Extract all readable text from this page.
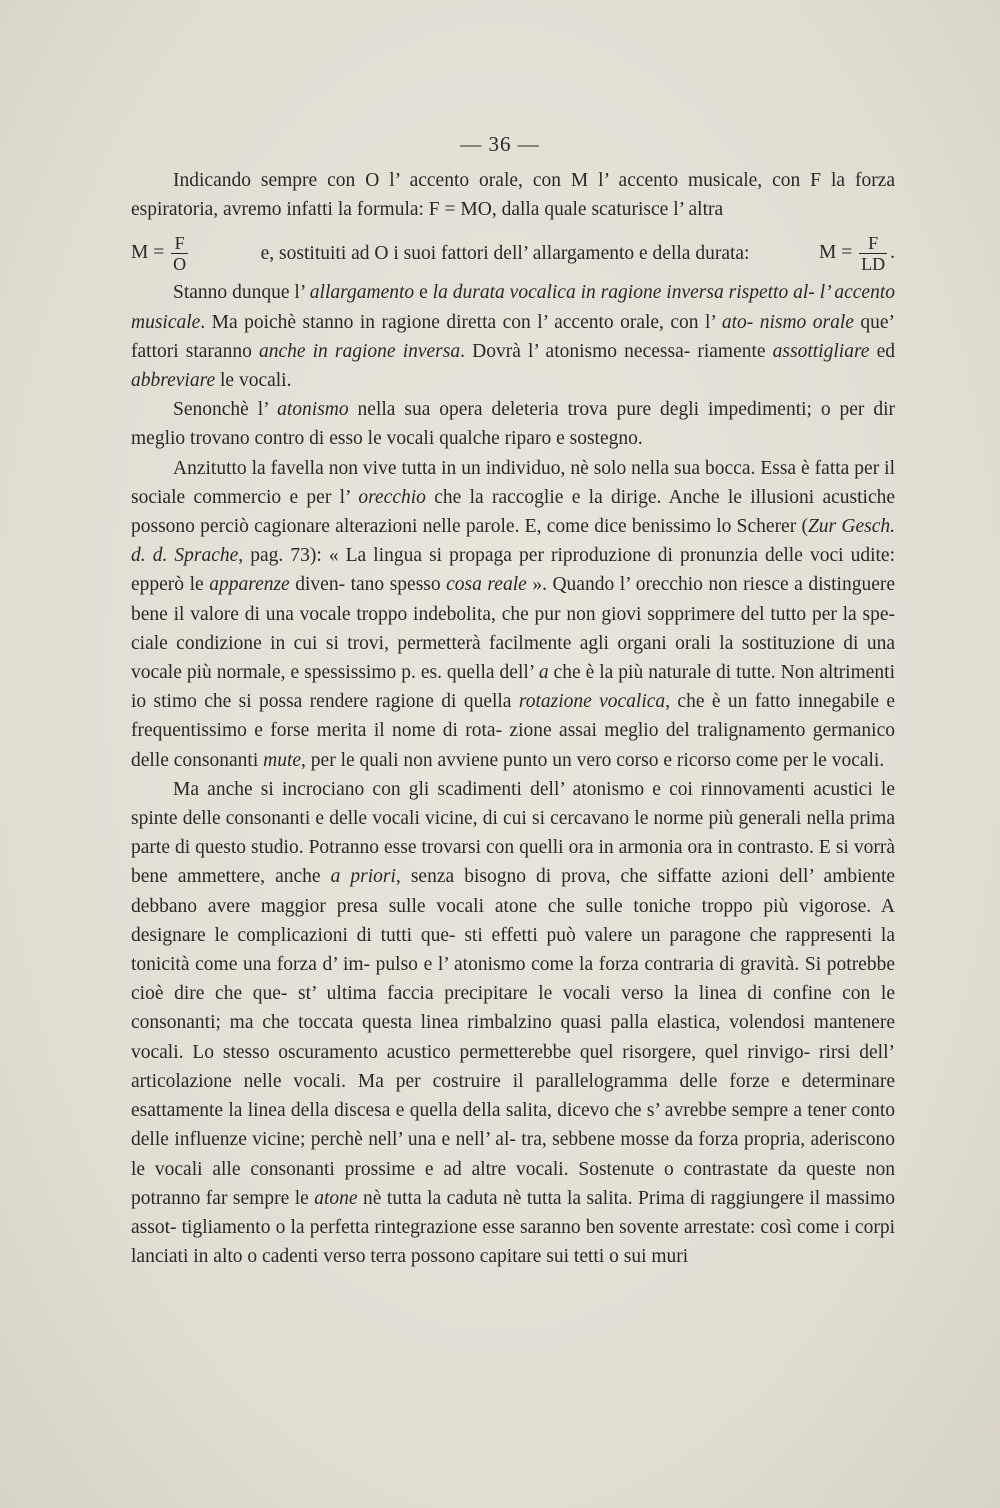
— 36 —

Indicando sempre con O l’ accento orale, con M l’ accento musicale, con F la forza espiratoria, avremo infatti la formula: F = MO, dalla quale scaturisce l’ altra

$M = \frac{F}{O}$	e, sostituiti ad O i suoi fattori dell’ allargamento e della durata:	$M = \frac{F}{LD}$ .

Stanno dunque l’ allargamento e la durata vocalica in ragione inversa rispetto al- l’ accento musicale. Ma poichè stanno in ragione diretta con l’ accento orale, con l’ ato- nismo orale que’ fattori staranno anche in ragione inversa. Dovrà l’ atonismo necessa- riamente assottigliare ed abbreviare le vocali.

Senonchè l’ atonismo nella sua opera deleteria trova pure degli impedimenti; o per dir meglio trovano contro di esso le vocali qualche riparo e sostegno.

Anzitutto la favella non vive tutta in un individuo, nè solo nella sua bocca. Essa è fatta per il sociale commercio e per l’ orecchio che la raccoglie e la dirige. Anche le illusioni acustiche possono perciò cagionare alterazioni nelle parole. E, come dice benissimo lo Scherer (Zur Gesch. d. d. Sprache, pag. 73): « La lingua si propaga per riproduzione di pronunzia delle voci udite: epperò le apparenze diven- tano spesso cosa reale ». Quando l’ orecchio non riesce a distinguere bene il valore di una vocale troppo indebolita, che pur non giovi sopprimere del tutto per la spe- ciale condizione in cui si trovi, permetterà facilmente agli organi orali la sostituzione di una vocale più normale, e spessissimo p. es. quella dell’ a che è la più naturale di tutte. Non altrimenti io stimo che si possa rendere ragione di quella rotazione vocalica, che è un fatto innegabile e frequentissimo e forse merita il nome di rota- zione assai meglio del tralignamento germanico delle consonanti mute, per le quali non avviene punto un vero corso e ricorso come per le vocali.

Ma anche si incrociano con gli scadimenti dell’ atonismo e coi rinnovamenti acustici le spinte delle consonanti e delle vocali vicine, di cui si cercavano le norme più generali nella prima parte di questo studio. Potranno esse trovarsi con quelli ora in armonia ora in contrasto. E si vorrà bene ammettere, anche a priori, senza bisogno di prova, che siffatte azioni dell’ ambiente debbano avere maggior presa sulle vocali atone che sulle toniche troppo più vigorose. A designare le complicazioni di tutti que- sti effetti può valere un paragone che rappresenti la tonicità come una forza d’ im- pulso e l’ atonismo come la forza contraria di gravità. Si potrebbe cioè dire che que- st’ ultima faccia precipitare le vocali verso la linea di confine con le consonanti; ma che toccata questa linea rimbalzino quasi palla elastica, volendosi mantenere vocali. Lo stesso oscuramento acustico permetterebbe quel risorgere, quel rinvigo- rirsi dell’ articolazione nelle vocali. Ma per costruire il parallelogramma delle forze e determinare esattamente la linea della discesa e quella della salita, dicevo che s’ avrebbe sempre a tener conto delle influenze vicine; perchè nell’ una e nell’ al- tra, sebbene mosse da forza propria, aderiscono le vocali alle consonanti prossime e ad altre vocali. Sostenute o contrastate da queste non potranno far sempre le atone nè tutta la caduta nè tutta la salita. Prima di raggiungere il massimo assot- tigliamento o la perfetta rintegrazione esse saranno ben sovente arrestate: così come i corpi lanciati in alto o cadenti verso terra possono capitare sui tetti o sui muri
